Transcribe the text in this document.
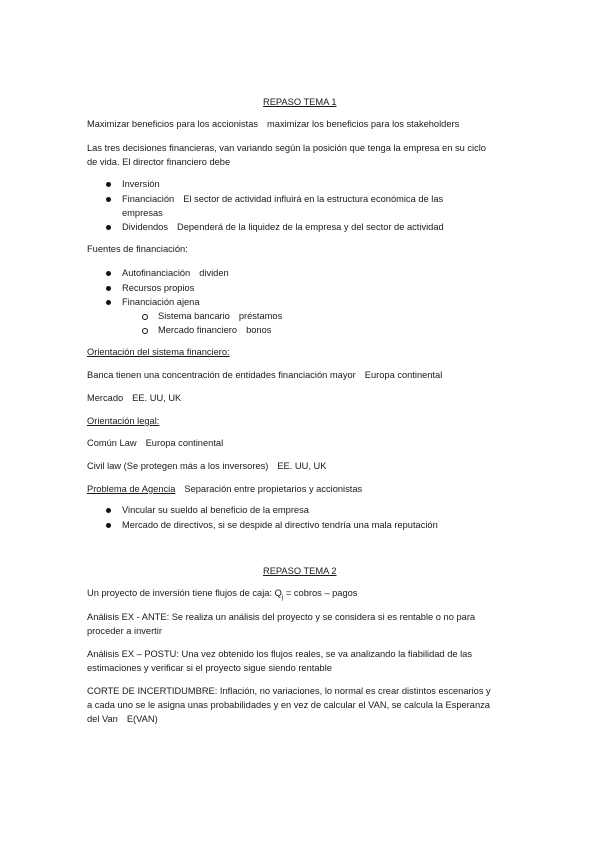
REPASO TEMA 1
Maximizar beneficios para los accionistas maximizar los beneficios para los stakeholders
Las tres decisiones financieras, van variando según la posición que tenga la empresa en su ciclo
de vida. El director financiero debe
Inversión
Financiación El sector de actividad influirá en la estructura económica de las
empresas
Dividendos Dependerá de la liquidez de la empresa y del sector de actividad
Fuentes de financiación:
Autofinanciación dividen
Recursos propios
Financiación ajena
Sistema bancario préstamos
Mercado financiero bonos
Orientación del sistema financiero:
Banca tienen una concentración de entidades financiación mayor Europa continental
Mercado EE. UU, UK
Orientación legal:
Común Law Europa continental
Civil law (Se protegen más a los inversores) EE. UU, UK
Problema de Agencia Separación entre propietarios y accionistas
Vincular su sueldo al beneficio de la empresa
Mercado de directivos, si se despide al directivo tendría una mala reputación
REPASO TEMA 2
Un proyecto de inversión tiene flujos de caja: $Q_j$ = cobros – pagos
Análisis EX - ANTE: Se realiza un análisis del proyecto y se considera si es rentable o no para
proceder a invertir
Análisis EX – POSTU: Una vez obtenido los flujos reales, se va analizando la fiabilidad de las
estimaciones y verificar si el proyecto sigue siendo rentable
CORTE DE INCERTIDUMBRE: Inflación, no variaciones, lo normal es crear distintos escenarios y
a cada uno se le asigna unas probabilidades y en vez de calcular el VAN, se calcula la Esperanza
del Van E(VAN)
